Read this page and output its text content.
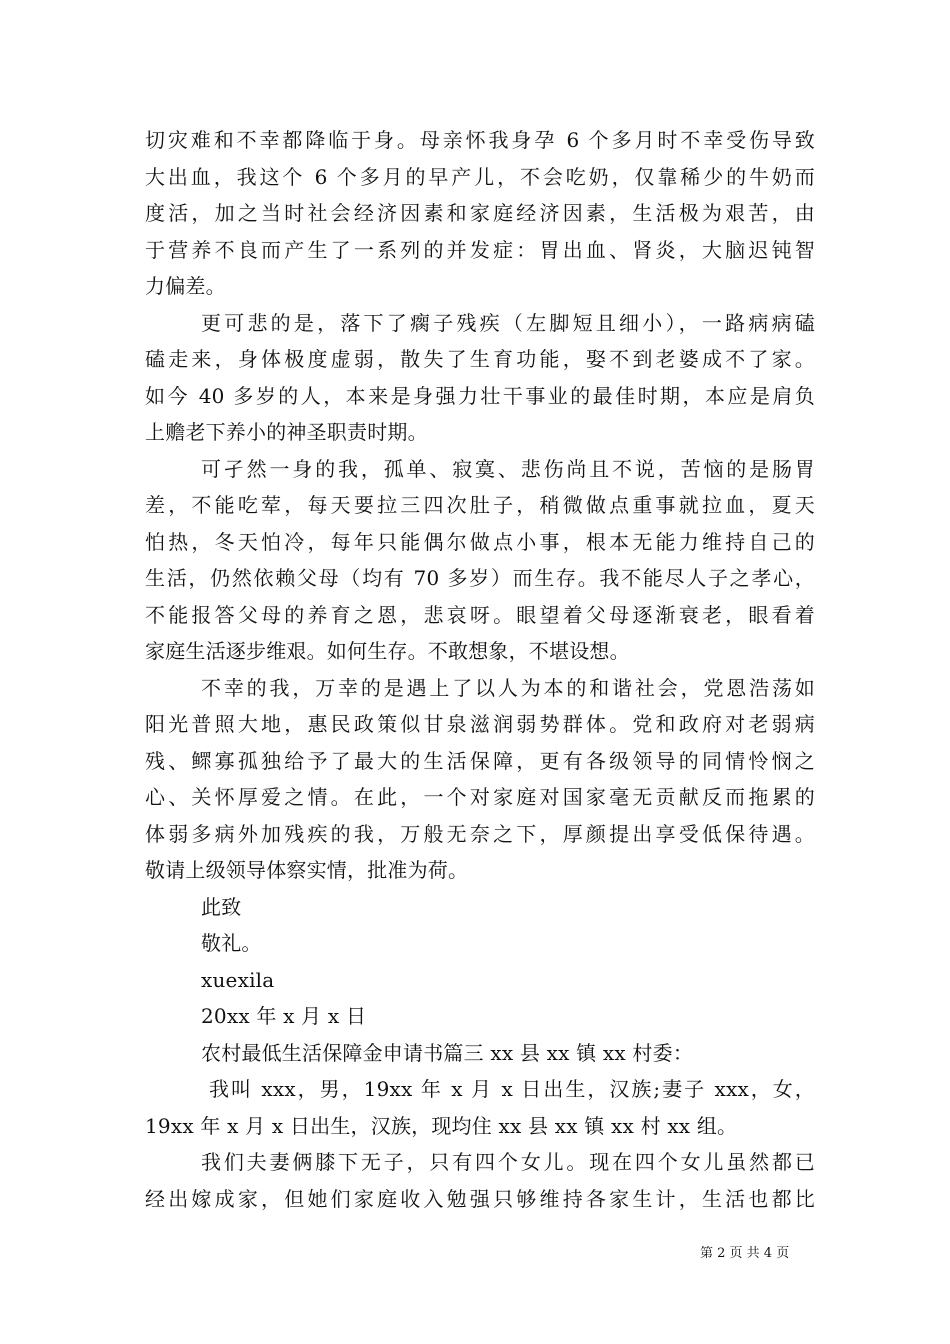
切灾难和不幸都降临于身。母亲怀我身孕 6 个多月时不幸受伤导致
大出血，我这个 6 个多月的早产儿，不会吃奶，仅靠稀少的牛奶而
度活，加之当时社会经济因素和家庭经济因素，生活极为艰苦，由
于营养不良而产生了一系列的并发症：胃出血、肾炎，大脑迟钝智
力偏差。
更可悲的是，落下了瘸子残疾（左脚短且细小），一路病病磕
磕走来，身体极度虚弱，散失了生育功能，娶不到老婆成不了家。
如今 40 多岁的人，本来是身强力壮干事业的最佳时期，本应是肩负
上赡老下养小的神圣职责时期。
可孑然一身的我，孤单、寂寞、悲伤尚且不说，苦恼的是肠胃
差，不能吃荤，每天要拉三四次肚子，稍微做点重事就拉血，夏天
怕热，冬天怕冷，每年只能偶尔做点小事，根本无能力维持自己的
生活，仍然依赖父母（均有 70 多岁）而生存。我不能尽人子之孝心，
不能报答父母的养育之恩，悲哀呀。眼望着父母逐渐衰老，眼看着
家庭生活逐步维艰。如何生存。不敢想象，不堪设想。
不幸的我，万幸的是遇上了以人为本的和谐社会，党恩浩荡如
阳光普照大地，惠民政策似甘泉滋润弱势群体。党和政府对老弱病
残、鳏寡孤独给予了最大的生活保障，更有各级领导的同情怜悯之
心、关怀厚爱之情。在此，一个对家庭对国家毫无贡献反而拖累的
体弱多病外加残疾的我，万般无奈之下，厚颜提出享受低保待遇。
敬请上级领导体察实情，批准为荷。
此致
敬礼。
xuexila
20xx 年 x 月 x 日
农村最低生活保障金申请书篇三 xx 县 xx 镇 xx 村委：
我叫 xxx，男，19xx 年 x 月 x 日出生，汉族;妻子 xxx，女，
19xx 年 x 月 x 日出生，汉族，现均住 xx 县 xx 镇 xx 村 xx 组。
我们夫妻俩膝下无子，只有四个女儿。现在四个女儿虽然都已
经出嫁成家，但她们家庭收入勉强只够维持各家生计，生活也都比
第 2 页 共 4 页
